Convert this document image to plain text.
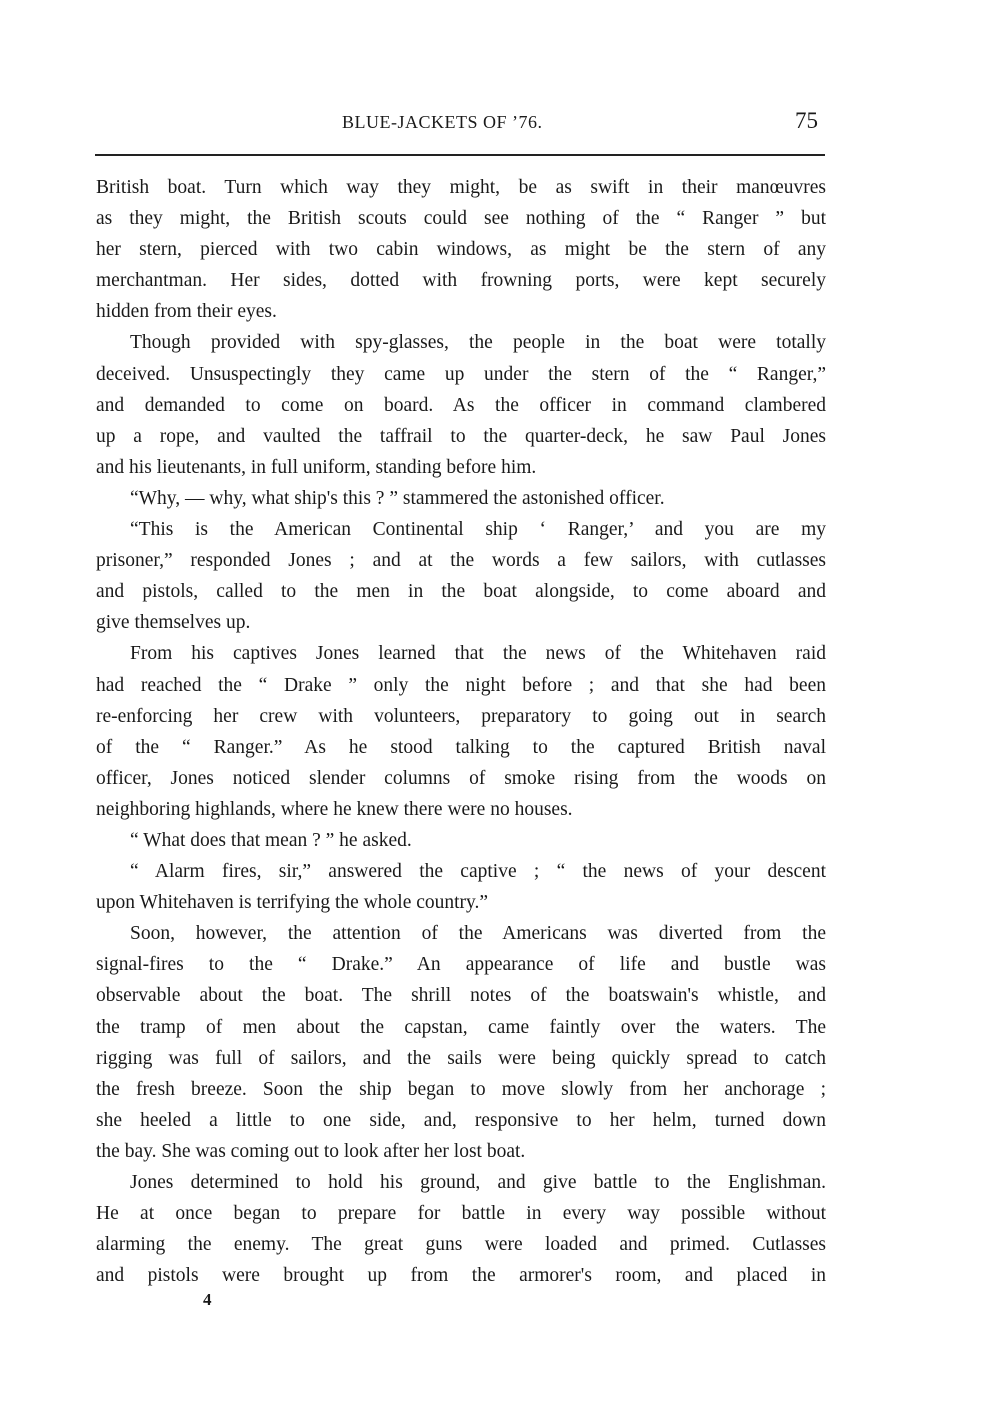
BLUE-JACKETS OF ’76.	75
British boat. Turn which way they might, be as swift in their manœuvres
as they might, the British scouts could see nothing of the “ Ranger ” but
her stern, pierced with two cabin windows, as might be the stern of any
merchantman. Her sides, dotted with frowning ports, were kept securely
hidden from their eyes.
Though provided with spy-glasses, the people in the boat were totally
deceived. Unsuspectingly they came up under the stern of the “ Ranger,”
and demanded to come on board. As the officer in command clambered
up a rope, and vaulted the taffrail to the quarter-deck, he saw Paul Jones
and his lieutenants, in full uniform, standing before him.
“Why, — why, what ship's this ? ” stammered the astonished officer.
“This is the American Continental ship ‘ Ranger,’ and you are my
prisoner,” responded Jones ; and at the words a few sailors, with cutlasses
and pistols, called to the men in the boat alongside, to come aboard and
give themselves up.
From his captives Jones learned that the news of the Whitehaven raid
had reached the “ Drake ” only the night before ; and that she had been
re-enforcing her crew with volunteers, preparatory to going out in search
of the “ Ranger.” As he stood talking to the captured British naval
officer, Jones noticed slender columns of smoke rising from the woods on
neighboring highlands, where he knew there were no houses.
“ What does that mean ? ” he asked.
“ Alarm fires, sir,” answered the captive ; “ the news of your descent
upon Whitehaven is terrifying the whole country.”
Soon, however, the attention of the Americans was diverted from the
signal-fires to the “ Drake.” An appearance of life and bustle was
observable about the boat. The shrill notes of the boatswain's whistle, and
the tramp of men about the capstan, came faintly over the waters. The
rigging was full of sailors, and the sails were being quickly spread to catch
the fresh breeze. Soon the ship began to move slowly from her anchorage ;
she heeled a little to one side, and, responsive to her helm, turned down
the bay. She was coming out to look after her lost boat.
Jones determined to hold his ground, and give battle to the Englishman.
He at once began to prepare for battle in every way possible without
alarming the enemy. The great guns were loaded and primed. Cutlasses
and pistols were brought up from the armorer's room, and placed in
4
